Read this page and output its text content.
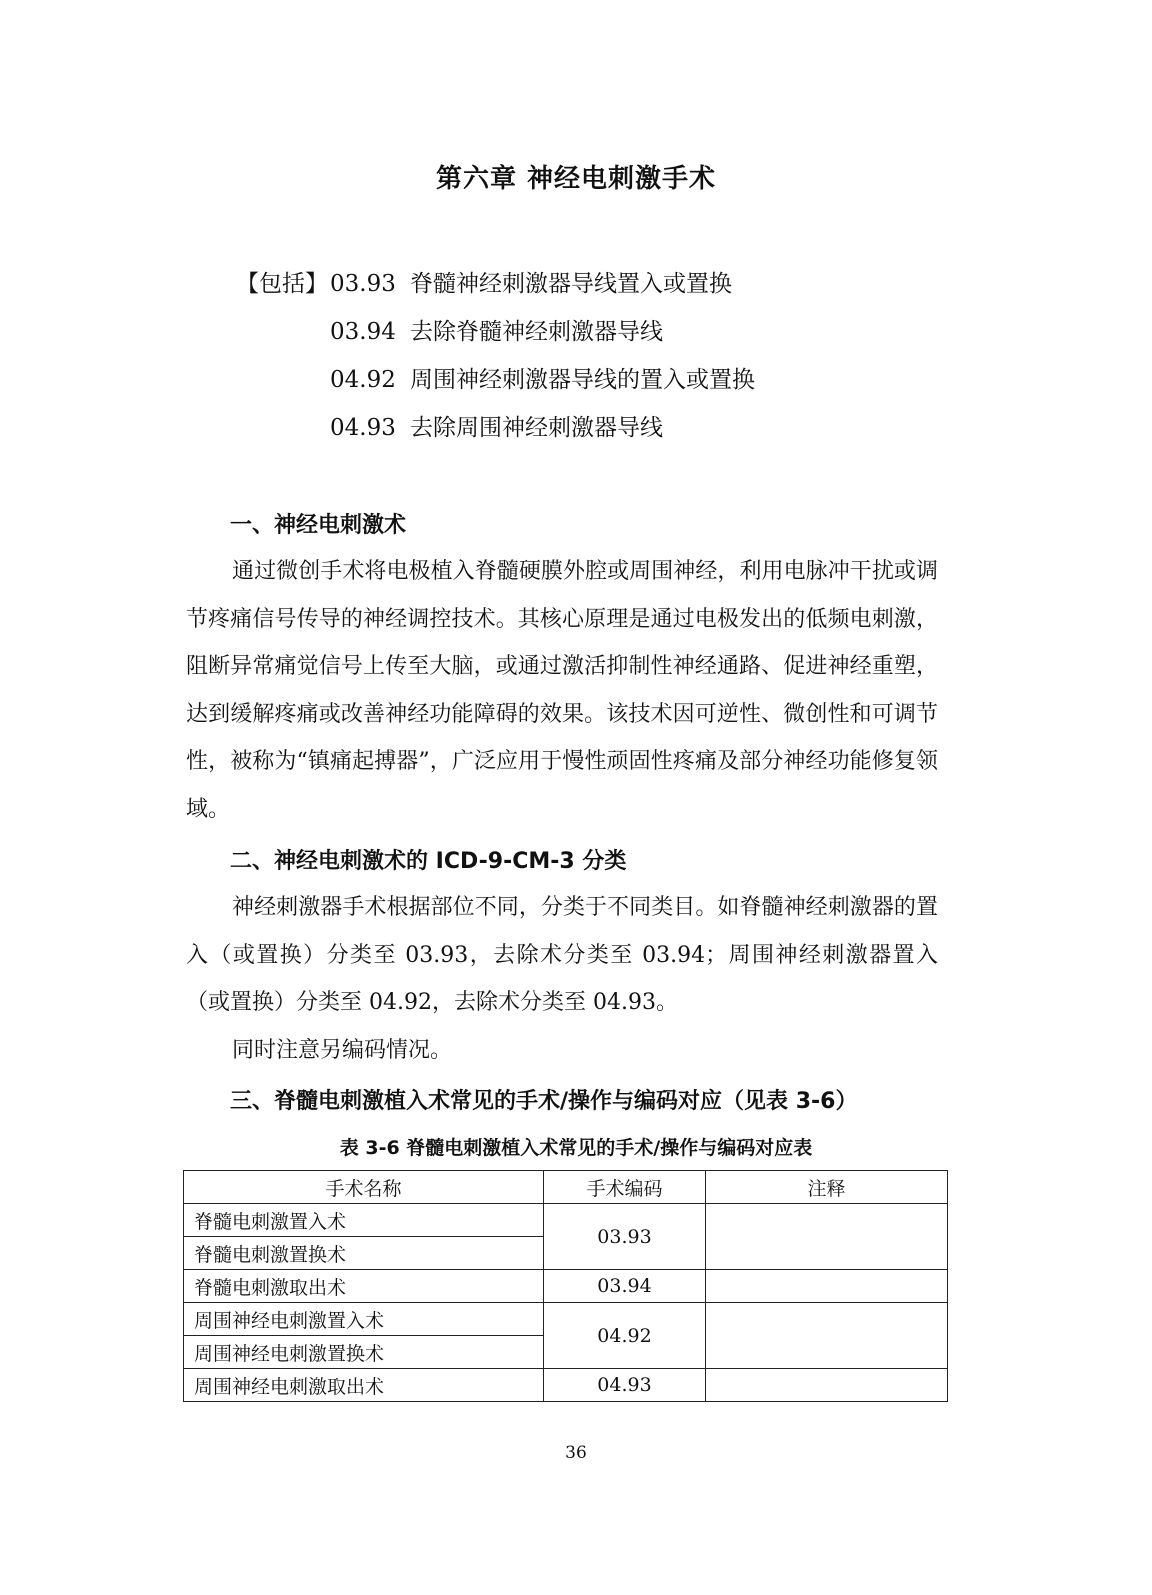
第六章 神经电刺激手术
【包括】 03.93 脊髓神经刺激器导线置入或置换
03.94 去除脊髓神经刺激器导线
04.92 周围神经刺激器导线的置入或置换
04.93 去除周围神经刺激器导线
一、神经电刺激术

通过微创手术将电极植入脊髓硬膜外腔或周围神经，利用电脉冲干扰或调节疼痛信号传导的神经调控技术。其核心原理是通过电极发出的低频电刺激，阻断异常痛觉信号上传至大脑，或通过激活抑制性神经通路、促进神经重塑，达到缓解疼痛或改善神经功能障碍的效果。该技术因可逆性、微创性和可调节性，被称为“镇痛起搏器”，广泛应用于慢性顽固性疼痛及部分神经功能修复领域。

二、神经电刺激术的 ICD-9-CM-3 分类

神经刺激器手术根据部位不同，分类于不同类目。如脊髓神经刺激器的置入（或置换）分类至 03.93，去除术分类至 03.94；周围神经刺激器置入（或置换）分类至 04.92，去除术分类至 04.93。

同时注意另编码情况。

三、脊髓电刺激植入术常见的手术/操作与编码对应（见表 3-6）
表 3-6 脊髓电刺激植入术常见的手术/操作与编码对应表
手术名称	手术编码	注释
脊髓电刺激置入术	03.93	
脊髓电刺激置换术		
脊髓电刺激取出术	03.94	
周围神经电刺激置入术	04.92	
周围神经电刺激置换术		
周围神经电刺激取出术	04.93	
36
